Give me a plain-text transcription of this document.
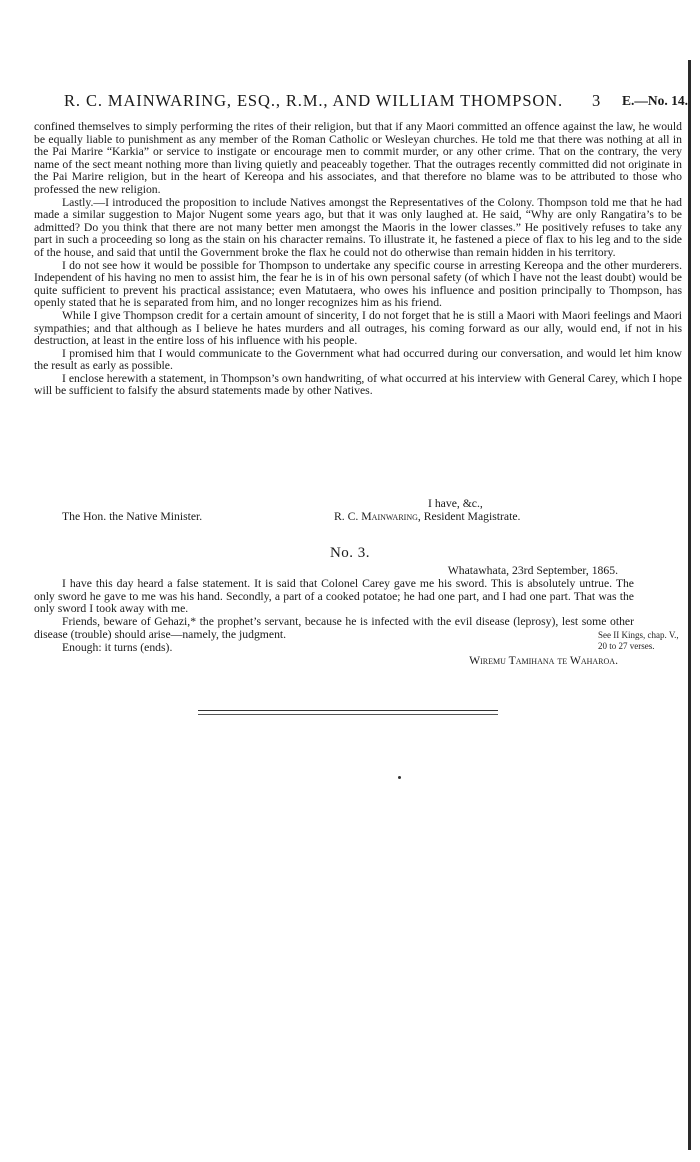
R. C. MAINWARING, ESQ., R.M., AND WILLIAM THOMPSON. 3 E.—No. 14.

confined themselves to simply performing the rites of their religion, but that if any Maori committed an offence against the law, he would be equally liable to punishment as any member of the Roman Catholic or Wesleyan churches. He told me that there was nothing at all in the Pai Marire “Karkia” or service to instigate or encourage men to commit murder, or any other crime. That on the contrary, the very name of the sect meant nothing more than living quietly and peaceably together. That the outrages recently committed did not originate in the Pai Marire religion, but in the heart of Kereopa and his associates, and that therefore no blame was to be attributed to those who professed the new religion.

Lastly.—I introduced the proposition to include Natives amongst the Representatives of the Colony. Thompson told me that he had made a similar suggestion to Major Nugent some years ago, but that it was only laughed at. He said, “Why are only Rangatira’s to be admitted? Do you think that there are not many better men amongst the Maoris in the lower classes.” He positively refuses to take any part in such a proceeding so long as the stain on his character remains. To illustrate it, he fastened a piece of flax to his leg and to the side of the house, and said that until the Government broke the flax he could not do otherwise than remain hidden in his territory.

I do not see how it would be possible for Thompson to undertake any specific course in arresting Kereopa and the other murderers. Independent of his having no men to assist him, the fear he is in of his own personal safety (of which I have not the least doubt) would be quite sufficient to prevent his practical assistance; even Matutaera, who owes his influence and position principally to Thompson, has openly stated that he is separated from him, and no longer recognizes him as his friend.

While I give Thompson credit for a certain amount of sincerity, I do not forget that he is still a Maori with Maori feelings and Maori sympathies; and that although as I believe he hates murders and all outrages, his coming forward as our ally, would end, if not in his destruction, at least in the entire loss of his influence with his people.

I promised him that I would communicate to the Government what had occurred during our conversation, and would let him know the result as early as possible.

I enclose herewith a statement, in Thompson’s own handwriting, of what occurred at his interview with General Carey, which I hope will be sufficient to falsify the absurd statements made by other Natives.

I have, &c.,
The Hon. the Native Minister.	R. C. Mainwaring, Resident Magistrate.
No. 3.
Whatawhata, 23rd September, 1865.

I have this day heard a false statement. It is said that Colonel Carey gave me his sword. This is absolutely untrue. The only sword he gave to me was his hand. Secondly, a part of a cooked potatoe; he had one part, and I had one part. That was the only sword I took away with me.

Friends, beware of Gehazi,* the prophet’s servant, because he is infected with the evil disease (leprosy), lest some other disease (trouble) should arise—namely, the judgment.

Enough: it turns (ends).

Wiremu Tamihana te Waharoa.
See II Kings, chap. V., 20 to 27 verses.
